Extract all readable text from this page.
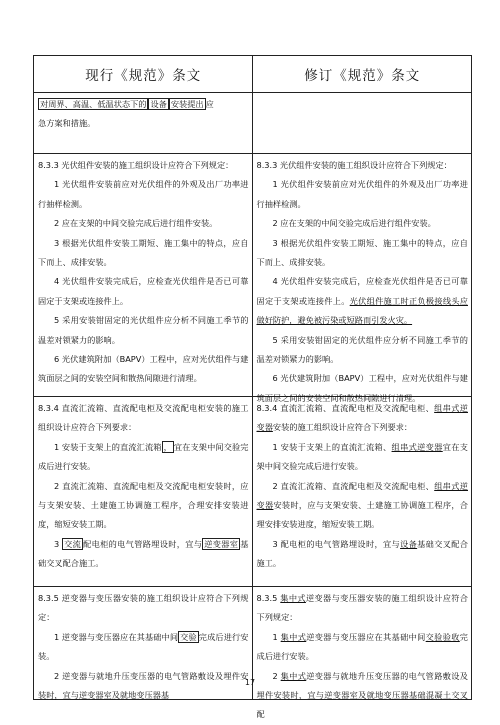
现行《规范》条文	修订《规范》条文

对周界、高温、低温状态下的 设备 安装提出 应

急方案和措施。

8.3.3 光伏组件安装的施工组织设计应符合下列规定：

1 光伏组件安装前应对光伏组件的外观及出厂功率进行抽样检测。

2 应在支架的中间交验完成后进行组件安装。

3 根据光伏组件安装工期短、施工集中的特点，应自下而上、成排安装。

4 光伏组件安装完成后，应检查光伏组件是否已可靠固定于支架或连接件上。

5 采用安装钳固定的光伏组件应分析不同施工季节的温差对锁紧力的影响。

6 光伏建筑附加（BAPV）工程中，应对光伏组件与建筑面层之间的安装空间和散热间隙进行清理。

8.3.3 光伏组件安装的施工组织设计应符合下列规定：

1 光伏组件安装前应对光伏组件的外观及出厂功率进行抽样检测。

2 应在支架的中间交验完成后进行组件安装。

3 根据光伏组件安装工期短、施工集中的特点，应自下而上、成排安装。

4 光伏组件安装完成后，应检查光伏组件是否已可靠固定于支架或连接件上。光伏组件施工时正负极接线头应做好防护，避免被污染或短路而引发火灾。

5 采用安装钳固定的光伏组件应分析不同施工季节的温差对锁紧力的影响。

6 光伏建筑附加（BAPV）工程中，应对光伏组件与建筑面层之间的安装空间和散热间隙进行清理。

8.3.4 直流汇流箱、直流配电柜及交流配电柜安装的施工组织设计应符合下列要求：

1 安装于支架上的直流汇流箱 ， 宜在支架中间交验完成后进行安装。

2 直流汇流箱、直流配电柜及交流配电柜安装时，应与支架安装、土建施工协调施工程序，合理安排安装进度，缩短安装工期。

3 交流 配电柜的电气管路埋设时，宜与 逆变器室 基础交叉配合施工。

8.3.4 直流汇流箱、直流配电柜及交流配电柜、组串式逆变器安装的施工组织设计应符合下列要求：

1 安装于支架上的直流汇流箱、组串式逆变器宜在支架中间交验完成后进行安装。

2 直流汇流箱、直流配电柜及交流配电柜、组串式逆变器安装时，应与支架安装、土建施工协调施工程序，合理安排安装进度，缩短安装工期。

3 配电柜的电气管路埋设时，宜与设备基础交叉配合施工。

8.3.5 逆变器与变压器安装的施工组织设计应符合下列规定：

1 逆变器与变压器应在其基础中间 交验 完成后进行安装。

2 逆变器与就地升压变压器的电气管路敷设及埋件安装时，宜与逆变器室及就地变压器基

8.3.5 集中式逆变器与变压器安装的施工组织设计应符合下列规定：

1 集中式逆变器与变压器应在其基础中间交验验收完成后进行安装。

2 集中式逆变器与就地升压变压器的电气管路敷设及埋件安装时，宜与逆变器室及就地变压器基础混凝土交叉配

17
